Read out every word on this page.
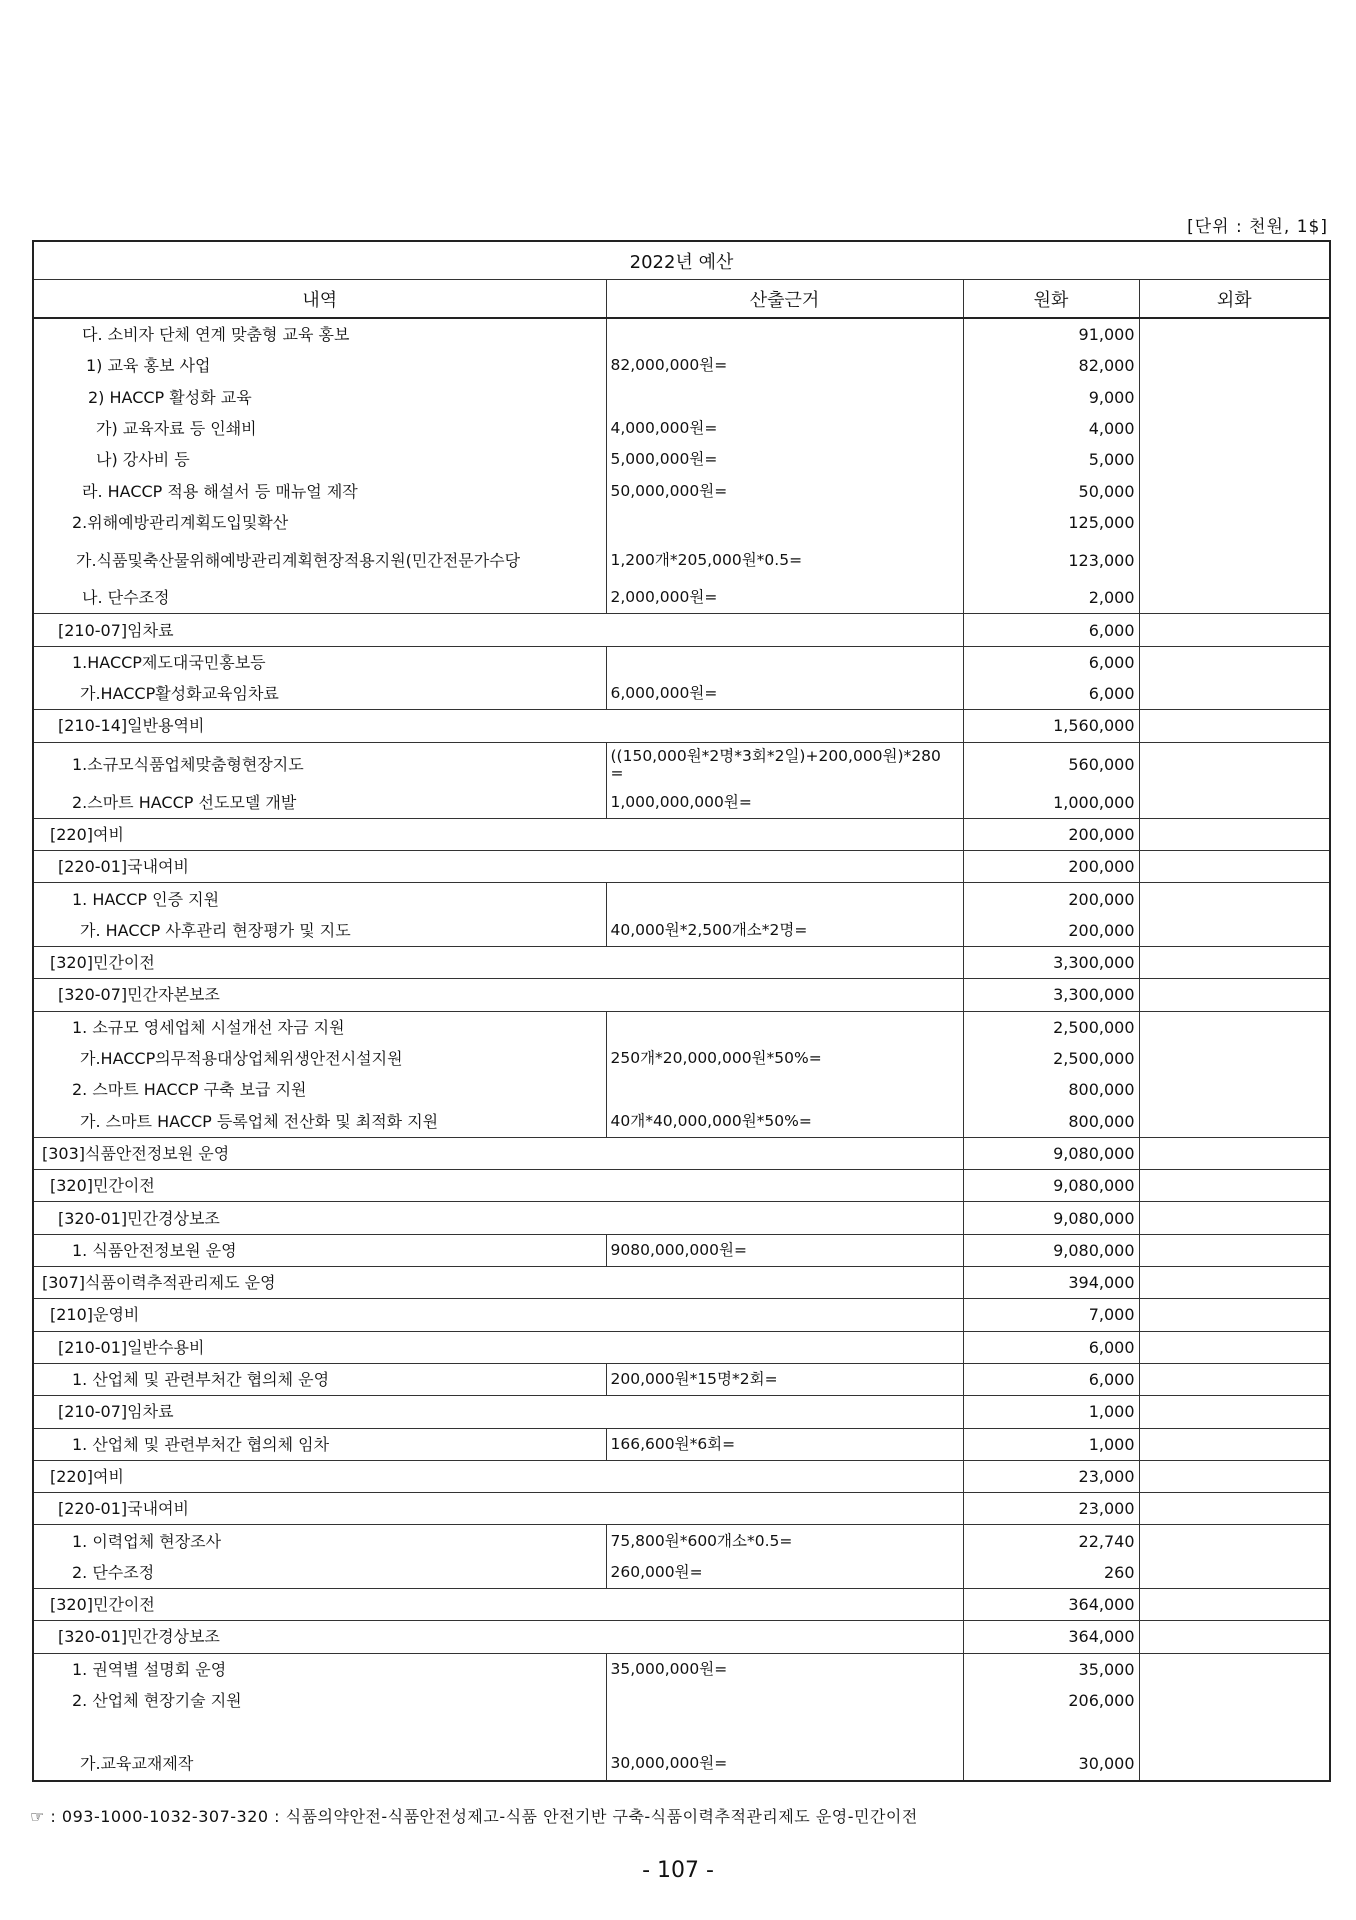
[단위 : 천원, 1$]
2022년 예산			
내역	산출근거	원화	외화
다. 소비자 단체 연계 맞춤형 교육 홍보		91,000	
1) 교육 홍보 사업	82,000,000원=	82,000	
2) HACCP 활성화 교육		9,000	
가) 교육자료 등 인쇄비	4,000,000원=	4,000	
나) 강사비 등	5,000,000원=	5,000	
라. HACCP 적용 해설서 등 매뉴얼 제작	50,000,000원=	50,000	
2.위해예방관리계획도입및확산		125,000	
가.식품및축산물위해예방관리계획현장적용지원(민간전문가수당	1,200개*205,000원*0.5=	123,000	
나. 단수조정	2,000,000원=	2,000	
[210-07]임차료		6,000	
1.HACCP제도대국민홍보등		6,000	
가.HACCP활성화교육임차료	6,000,000원=	6,000	
[210-14]일반용역비		1,560,000	
1.소규모식품업체맞춤형현장지도	((150,000원*2명*3회*2일)+200,000원)*280 =	560,000	
2.스마트 HACCP 선도모델 개발	1,000,000,000원=	1,000,000	
[220]여비		200,000	
[220-01]국내여비		200,000	
1. HACCP 인증 지원		200,000	
가. HACCP 사후관리 현장평가 및 지도	40,000원*2,500개소*2명=	200,000	
[320]민간이전		3,300,000	
[320-07]민간자본보조		3,300,000	
1. 소규모 영세업체 시설개선 자금 지원		2,500,000	
가.HACCP의무적용대상업체위생안전시설지원	250개*20,000,000원*50%=	2,500,000	
2. 스마트 HACCP 구축 보급 지원		800,000	
가. 스마트 HACCP 등록업체 전산화 및 최적화 지원	40개*40,000,000원*50%=	800,000	
[303]식품안전정보원 운영		9,080,000	
[320]민간이전		9,080,000	
[320-01]민간경상보조		9,080,000	
1. 식품안전정보원 운영	9080,000,000원=	9,080,000	
[307]식품이력추적관리제도 운영		394,000	
[210]운영비		7,000	
[210-01]일반수용비		6,000	
1. 산업체 및 관련부처간 협의체 운영	200,000원*15명*2회=	6,000	
[210-07]임차료		1,000	
1. 산업체 및 관련부처간 협의체 임차	166,600원*6회=	1,000	
[220]여비		23,000	
[220-01]국내여비		23,000	
1. 이력업체 현장조사	75,800원*600개소*0.5=	22,740	
2. 단수조정	260,000원=	260	
[320]민간이전		364,000	
[320-01]민간경상보조		364,000	
1. 권역별 설명회 운영	35,000,000원=	35,000	
2. 산업체 현장기술 지원		206,000	
가.교육교재제작	30,000,000원=	30,000	
☞ : 093-1000-1032-307-320 : 식품의약안전-식품안전성제고-식품 안전기반 구축-식품이력추적관리제도 운영-민간이전
- 107 -
